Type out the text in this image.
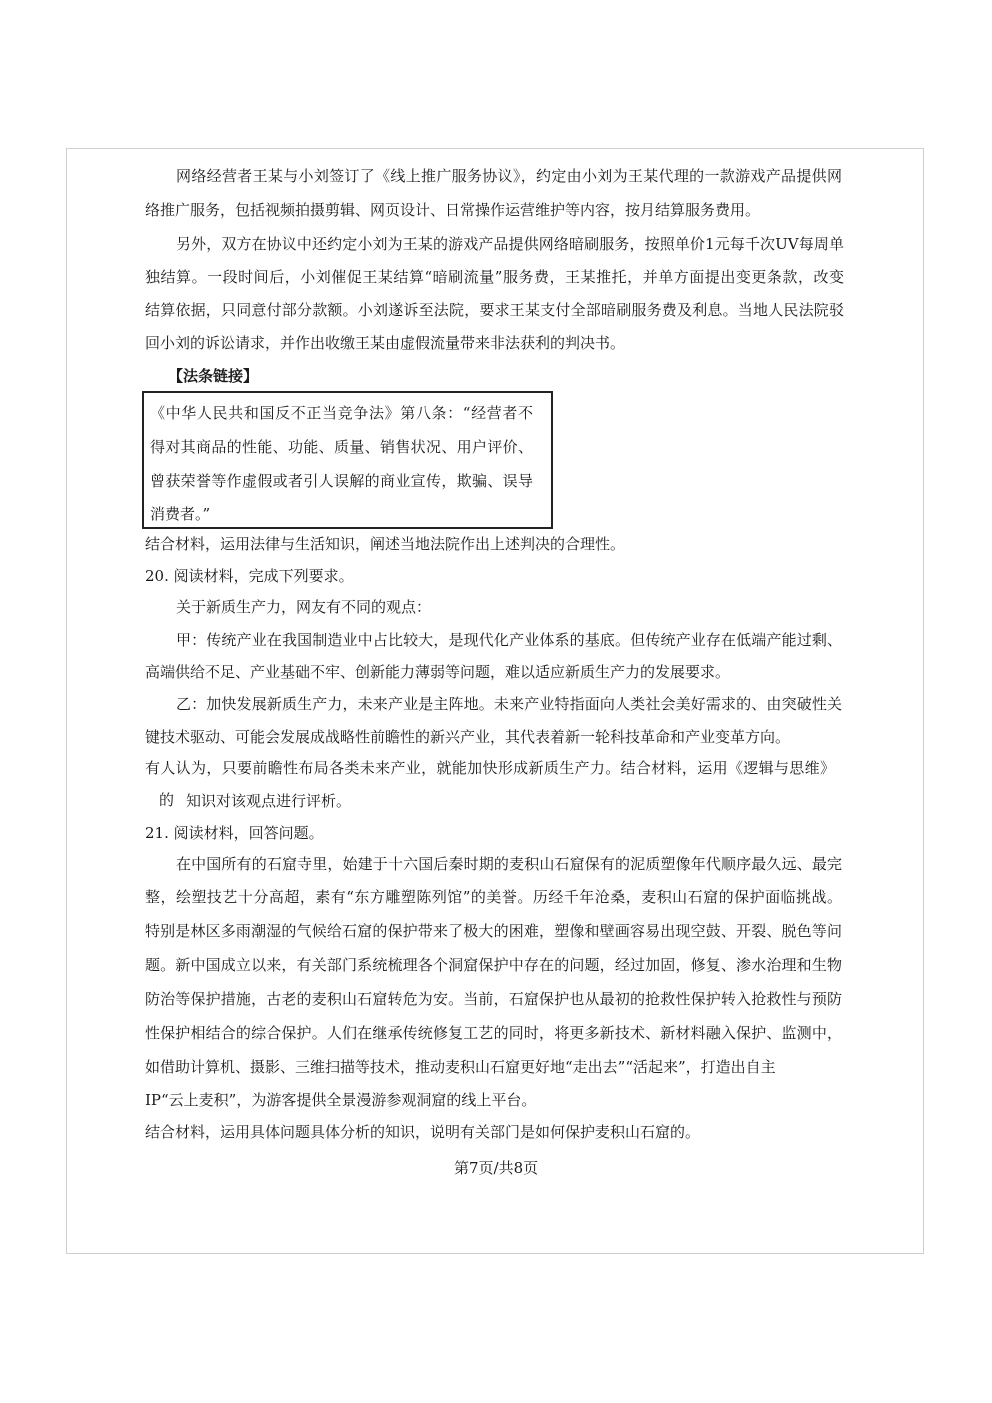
网络经营者王某与小刘签订了《线上推广服务协议》，约定由小刘为王某代理的一款游戏产品提供网
络推广服务，包括视频拍摄剪辑、网页设计、日常操作运营维护等内容，按月结算服务费用。
另外，双方在协议中还约定小刘为王某的游戏产品提供网络暗刷服务，按照单价1元每千次UV每周单
独结算。一段时间后，小刘催促王某结算“暗刷流量”服务费，王某推托，并单方面提出变更条款，改变
结算依据，只同意付部分款额。小刘遂诉至法院，要求王某支付全部暗刷服务费及利息。当地人民法院驳
回小刘的诉讼请求，并作出收缴王某由虚假流量带来非法获利的判决书。
【法条链接】
《中华人民共和国反不正当竞争法》第八条：“经营者不
得对其商品的性能、功能、质量、销售状况、用户评价、
曾获荣誉等作虚假或者引人误解的商业宣传，欺骗、误导
消费者。”
结合材料，运用法律与生活知识，阐述当地法院作出上述判决的合理性。
20. 阅读材料，完成下列要求。
关于新质生产力，网友有不同的观点：
甲：传统产业在我国制造业中占比较大，是现代化产业体系的基底。但传统产业存在低端产能过剩、
高端供给不足、产业基础不牢、创新能力薄弱等问题，难以适应新质生产力的发展要求。
乙：加快发展新质生产力，未来产业是主阵地。未来产业特指面向人类社会美好需求的、由突破性关
键技术驱动、可能会发展成战略性前瞻性的新兴产业，其代表着新一轮科技革命和产业变革方向。
有人认为，只要前瞻性布局各类未来产业，就能加快形成新质生产力。结合材料，运用《逻辑与思维》
的 知识对该观点进行评析。
21. 阅读材料，回答问题。
在中国所有的石窟寺里，始建于十六国后秦时期的麦积山石窟保有的泥质塑像年代顺序最久远、最完
整，绘塑技艺十分高超，素有“东方雕塑陈列馆”的美誉。历经千年沧桑，麦积山石窟的保护面临挑战。
特别是林区多雨潮湿的气候给石窟的保护带来了极大的困难，塑像和壁画容易出现空鼓、开裂、脱色等问
题。新中国成立以来，有关部门系统梳理各个洞窟保护中存在的问题，经过加固，修复、渗水治理和生物
防治等保护措施，古老的麦积山石窟转危为安。当前，石窟保护也从最初的抢救性保护转入抢救性与预防
性保护相结合的综合保护。人们在继承传统修复工艺的同时，将更多新技术、新材料融入保护、监测中，
如借助计算机、摄影、三维扫描等技术，推动麦积山石窟更好地“走出去”“活起来”，打造出自主
IP“云上麦积”，为游客提供全景漫游参观洞窟的线上平台。
结合材料，运用具体问题具体分析的知识，说明有关部门是如何保护麦积山石窟的。
第7页/共8页
